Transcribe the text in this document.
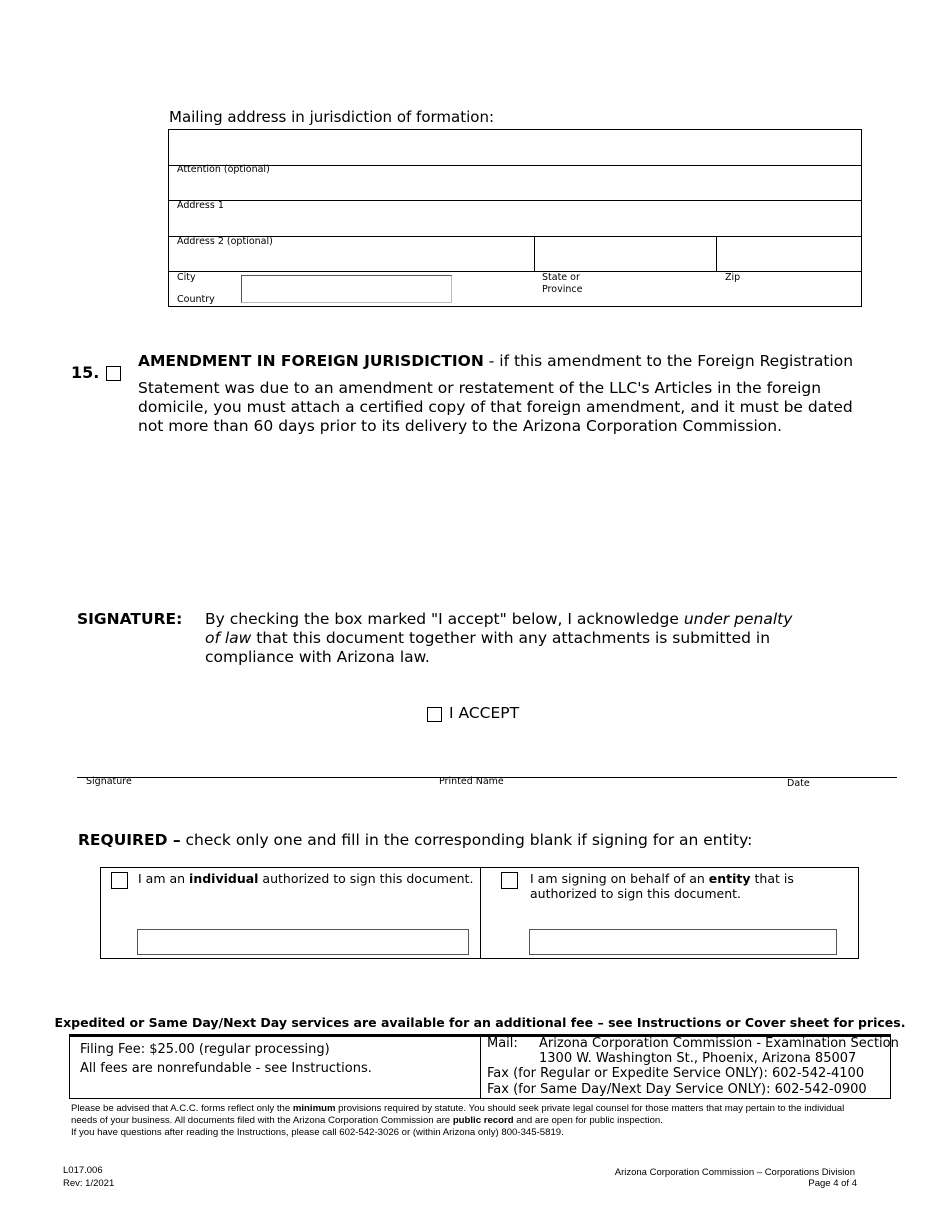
Mailing address in jurisdiction of formation:
Attention (optional)
Address 1
Address 2 (optional)
City	State or
Province
Zip
Country
15.
AMENDMENT IN FOREIGN JURISDICTION - if this amendment to the Foreign Registration
Statement was due to an amendment or restatement of the LLC's Articles in the foreign domicile, you must attach a certified copy of that foreign amendment, and it must be dated not more than 60 days prior to its delivery to the Arizona Corporation Commission.
SIGNATURE: By checking the box marked "I accept" below, I acknowledge under penalty of law that this document together with any attachments is submitted in compliance with Arizona law.
I ACCEPT
Signature	Printed Name	Date
REQUIRED – check only one and fill in the corresponding blank if signing for an entity:
I am an individual authorized to sign this document.	I am signing on behalf of an entity that is authorized to sign this document.
Expedited or Same Day/Next Day services are available for an additional fee – see Instructions or Cover sheet for prices.
Filing Fee: $25.00 (regular processing)
All fees are nonrefundable - see Instructions.
Mail: Arizona Corporation Commission - Examination Section
1300 W. Washington St., Phoenix, Arizona 85007
Fax (for Regular or Expedite Service ONLY): 602-542-4100
Fax (for Same Day/Next Day Service ONLY): 602-542-0900
Please be advised that A.C.C. forms reflect only the minimum provisions required by statute. You should seek private legal counsel for those matters that may pertain to the individual needs of your business. All documents filed with the Arizona Corporation Commission are public record and are open for public inspection.
If you have questions after reading the Instructions, please call 602-542-3026 or (within Arizona only) 800-345-5819.
L017.006
Rev: 1/2021
Arizona Corporation Commission – Corporations Division
Page 4 of 4
